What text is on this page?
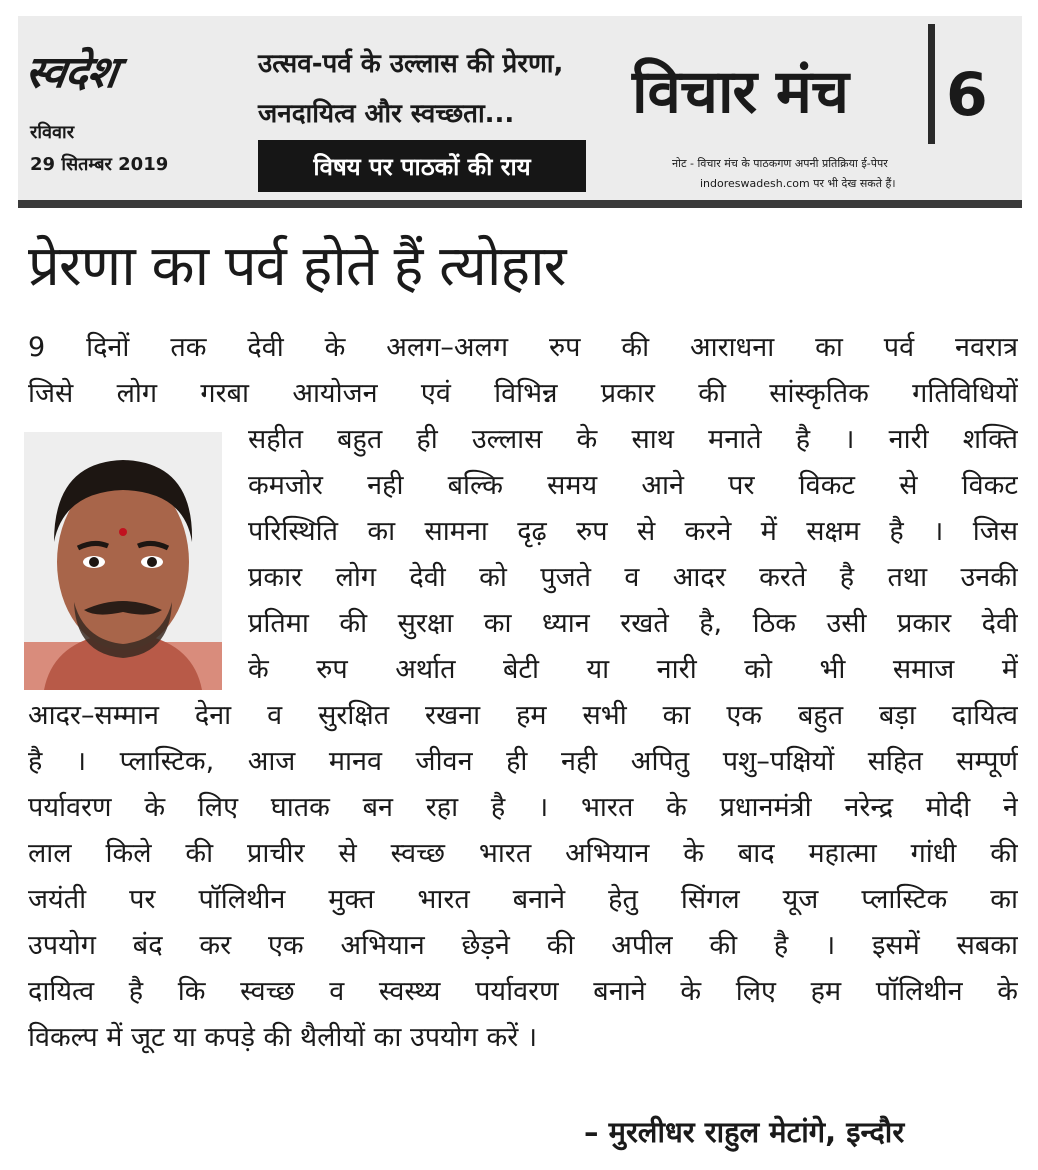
स्वदेश
रविवार
29 सितम्बर 2019
उत्सव-पर्व के उल्लास की प्रेरणा,
जनदायित्व और स्वच्छता...
विषय पर पाठकों की राय
विचार मंच 6
नोट - विचार मंच के पाठकगण अपनी प्रतिक्रिया ई-पेपर
indoreswadesh.com पर भी देख सकते हैं।
प्रेरणा का पर्व होते हैं त्योहार
9 दिनों तक देवी के अलग–अलग रुप की आराधना का पर्व नवरात्र
जिसे लोग गरबा आयोजन एवं विभिन्न प्रकार की सांस्कृतिक गतिविधियों
सहीत बहुत ही उल्लास के साथ मनाते है । नारी शक्ति
कमजोर नही बल्कि समय आने पर विकट से विकट
परिस्थिति का सामना दृढ़ रुप से करने में सक्षम है । जिस
प्रकार लोग देवी को पुजते व आदर करते है तथा उनकी
प्रतिमा की सुरक्षा का ध्यान रखते है, ठिक उसी प्रकार देवी
के रुप अर्थात बेटी या नारी को भी समाज में
आदर–सम्मान देना व सुरक्षित रखना हम सभी का एक बहुत बड़ा दायित्व
है । प्लास्टिक, आज मानव जीवन ही नही अपितु पशु–पक्षियों सहित सम्पूर्ण
पर्यावरण के लिए घातक बन रहा है । भारत के प्रधानमंत्री नरेन्द्र मोदी ने
लाल किले की प्राचीर से स्वच्छ भारत अभियान के बाद महात्मा गांधी की
जयंती पर पॉलिथीन मुक्त भारत बनाने हेतु सिंगल यूज प्लास्टिक का
उपयोग बंद कर एक अभियान छेड़ने की अपील की है । इसमें सबका
दायित्व है कि स्वच्छ व स्वस्थ्य पर्यावरण बनाने के लिए हम पॉलिथीन के
विकल्प में जूट या कपड़े की थैलीयों का उपयोग करें ।
– मुरलीधर राहुल मेटांगे, इन्दौर
